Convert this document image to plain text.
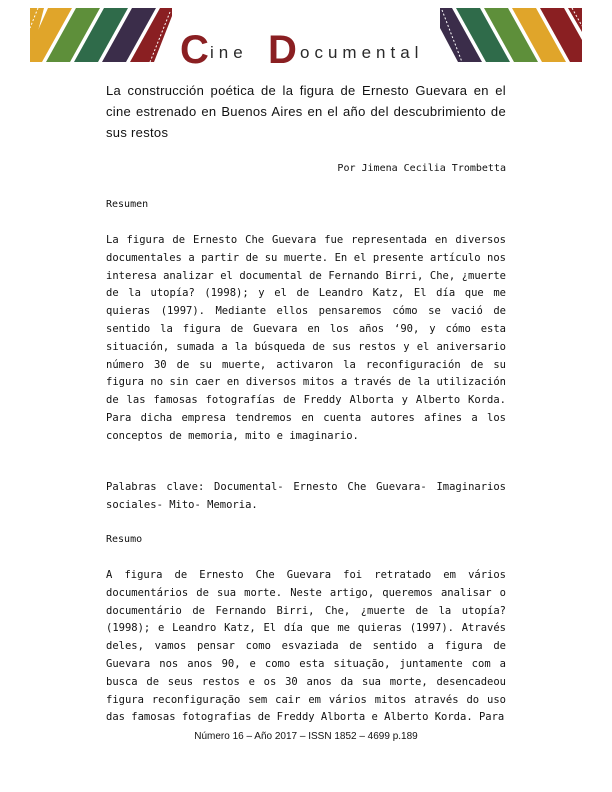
C ine D ocumental
La construcción poética de la figura de Ernesto Guevara en el cine estrenado en Buenos Aires en el año del descubrimiento de sus restos
Por Jimena Cecilia Trombetta
Resumen
La figura de Ernesto Che Guevara fue representada en diversos documentales a partir de su muerte. En el presente artículo nos interesa analizar el documental de Fernando Birri, Che, ¿muerte de la utopía? (1998); y el de Leandro Katz, El día que me quieras (1997). Mediante ellos pensaremos cómo se vació de sentido la figura de Guevara en los años ‘90, y cómo esta situación, sumada a la búsqueda de sus restos y el aniversario número 30 de su muerte, activaron la reconfiguración de su figura no sin caer en diversos mitos a través de la utilización de las famosas fotografías de Freddy Alborta y Alberto Korda. Para dicha empresa tendremos en cuenta autores afines a los conceptos de memoria, mito e imaginario.
Palabras clave: Documental- Ernesto Che Guevara- Imaginarios sociales- Mito- Memoria.
Resumo
A figura de Ernesto Che Guevara foi retratado em vários documentários de sua morte. Neste artigo, queremos analisar o documentário de Fernando Birri, Che, ¿muerte de la utopía? (1998); e Leandro Katz, El día que me quieras (1997). Através deles, vamos pensar como esvaziada de sentido a figura de Guevara nos anos 90, e como esta situação, juntamente com a busca de seus restos e os 30 anos da sua morte, desencadeou figura reconfiguração sem cair em vários mitos através do uso das famosas fotografias de Freddy Alborta e Alberto Korda. Para
Número 16 – Año 2017 – ISSN 1852 – 4699 p.189
